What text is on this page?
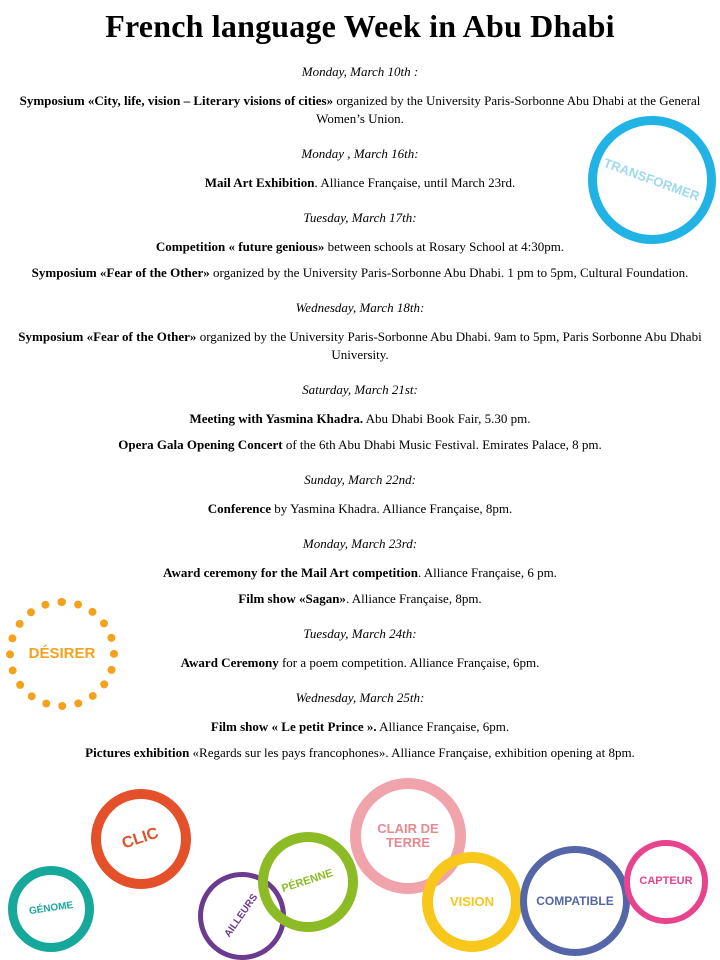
French language Week in Abu Dhabi

Monday, March 10th :

Symposium «City, life, vision – Literary visions of cities» organized by the University Paris-Sorbonne Abu Dhabi at the General Women’s Union.

Monday , March 16th:

Mail Art Exhibition. Alliance Française, until March 23rd.

Tuesday, March 17th:

Competition « future genious» between schools at Rosary School at 4:30pm.

Symposium «Fear of the Other» organized by the University Paris-Sorbonne Abu Dhabi. 1 pm to 5pm, Cultural Foundation.

Wednesday, March 18th:

Symposium «Fear of the Other» organized by the University Paris-Sorbonne Abu Dhabi. 9am to 5pm, Paris Sorbonne Abu Dhabi University.

Saturday, March 21st:

Meeting with Yasmina Khadra. Abu Dhabi Book Fair, 5.30 pm.

Opera Gala Opening Concert of the 6th Abu Dhabi Music Festival. Emirates Palace, 8 pm.

Sunday, March 22nd:

Conference by Yasmina Khadra. Alliance Française, 8pm.

Monday, March 23rd:

Award ceremony for the Mail Art competition. Alliance Française, 6 pm.

Film show «Sagan». Alliance Française, 8pm.

Tuesday, March 24th:

Award Ceremony for a poem competition. Alliance Française, 6pm.

Wednesday, March 25th:

Film show « Le petit Prince ». Alliance Française, 6pm.

Pictures exhibition «Regards sur les pays francophones». Alliance Française, exhibition opening at 8pm.

TRANSFORMER
DÉSIRER
CLIC
GÉNOME	AILLEURS
PÉRENNE
CLAIR DE TERRE
VISION	COMPATIBLE
CAPTEUR
